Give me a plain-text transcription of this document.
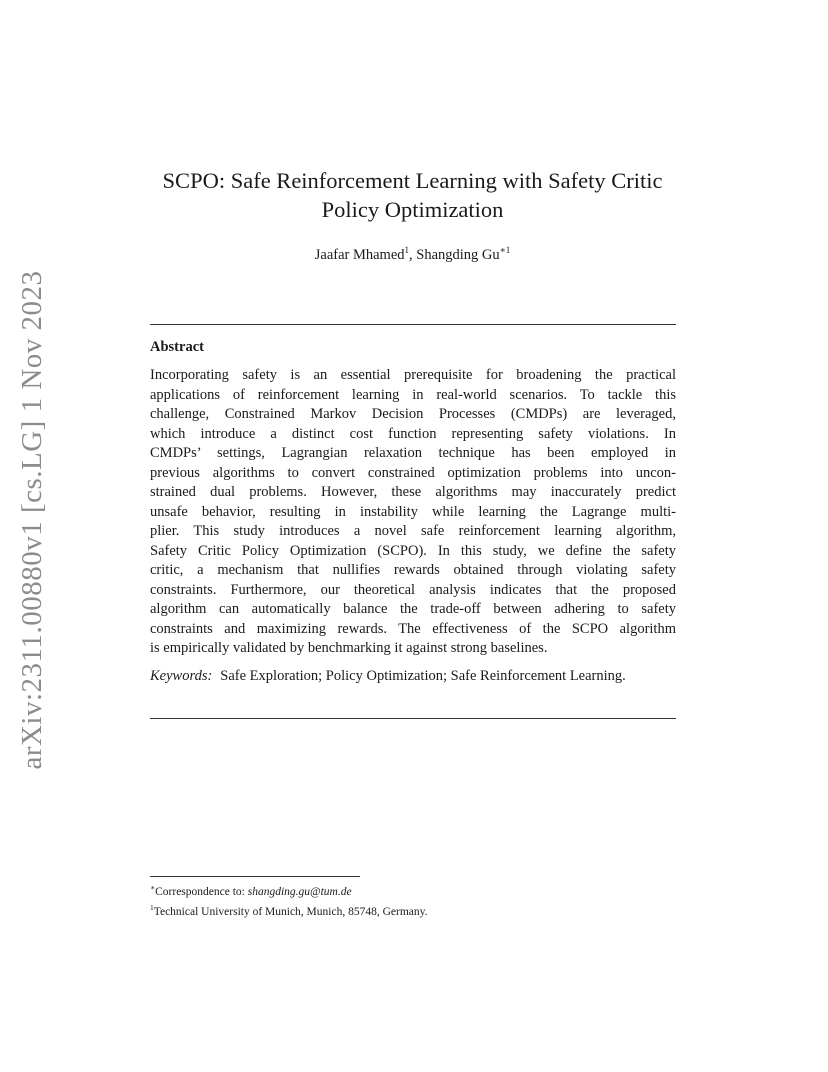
arXiv:2311.00880v1 [cs.LG] 1 Nov 2023
SCPO: Safe Reinforcement Learning with Safety Critic
Policy Optimization
Jaafar Mhamed$^1$, Shangding $Gu^{∗1}$
Abstract
Incorporating safety is an essential prerequisite for broadening the practical
applications of reinforcement learning in real-world scenarios. To tackle this
challenge, Constrained Markov Decision Processes (CMDPs) are leveraged,
which introduce a distinct cost function representing safety violations. In
CMDPs’ settings, Lagrangian relaxation technique has been employed in
previous algorithms to convert constrained optimization problems into uncon-
strained dual problems. However, these algorithms may inaccurately predict
unsafe behavior, resulting in instability while learning the Lagrange multi-
plier. This study introduces a novel safe reinforcement learning algorithm,
Safety Critic Policy Optimization (SCPO). In this study, we define the safety
critic, a mechanism that nullifies rewards obtained through violating safety
constraints. Furthermore, our theoretical analysis indicates that the proposed
algorithm can automatically balance the trade-off between adhering to safety
constraints and maximizing rewards. The effectiveness of the SCPO algorithm
is empirically validated by benchmarking it against strong baselines.
Keywords: Safe Exploration; Policy Optimization; Safe Reinforcement Learning.
∗Correspondence to: shangding.gu@tum.de
$^1$Technical University of Munich, Munich, 85748, Germany.
